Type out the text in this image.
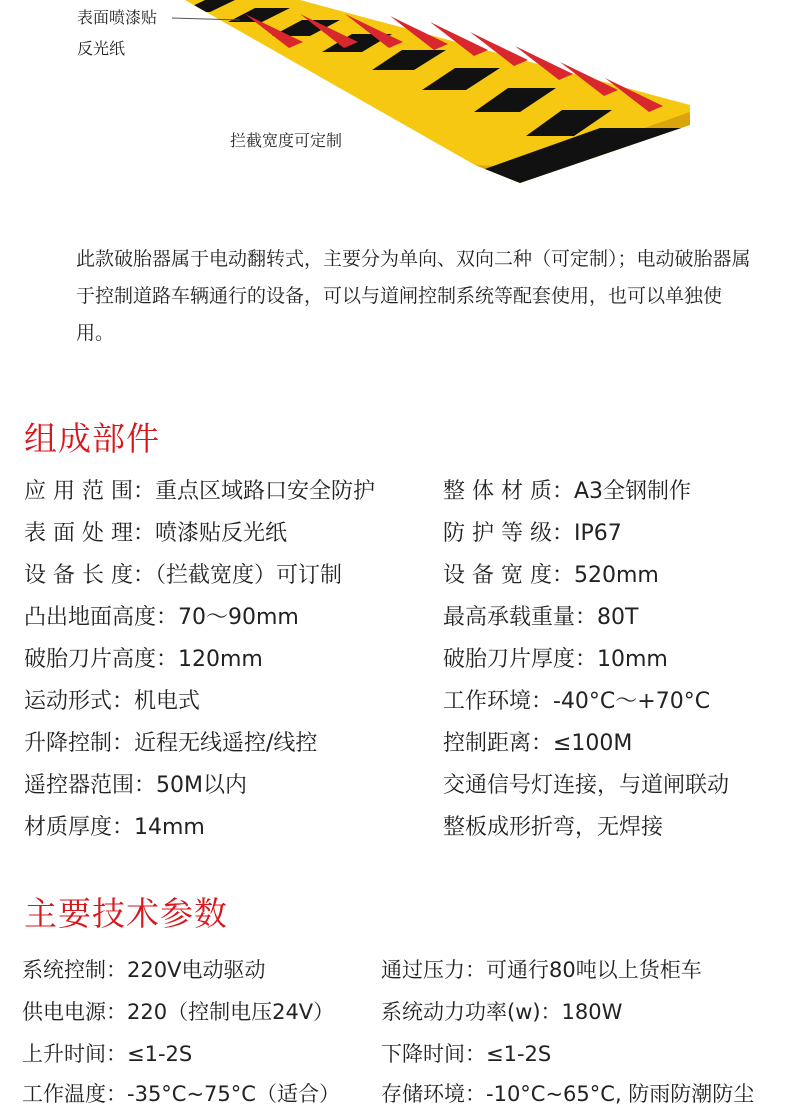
表面喷漆贴
反光纸
拦截宽度可定制
此款破胎器属于电动翻转式，主要分为单向、双向二种（可定制）；电动破胎器属于控制道路车辆通行的设备，可以与道闸控制系统等配套使用，也可以单独使用。
组成部件
应 用 范 围：重点区域路口安全防护
表 面 处 理：喷漆贴反光纸
设 备 长 度：（拦截宽度）可订制
凸出地面高度：70～90mm
破胎刀片高度：120mm
运动形式：机电式
升降控制：近程无线遥控/线控
遥控器范围：50M以内
材质厚度：14mm
整 体 材 质：A3全钢制作
防 护 等 级：IP67
设 备 宽 度：520mm
最高承载重量：80T
破胎刀片厚度：10mm
工作环境：-40°C～+70°C
控制距离：≤100M
交通信号灯连接，与道闸联动
整板成形折弯，无焊接
主要技术参数
系统控制：220V电动驱动
供电电源：220（控制电压24V）
上升时间：≤1-2S
工作温度：-35°C~75°C（适合）
通过压力：可通行80吨以上货柜车
系统动力功率(w)：180W
下降时间：≤1-2S
存储环境：-10°C~65°C, 防雨防潮防尘
